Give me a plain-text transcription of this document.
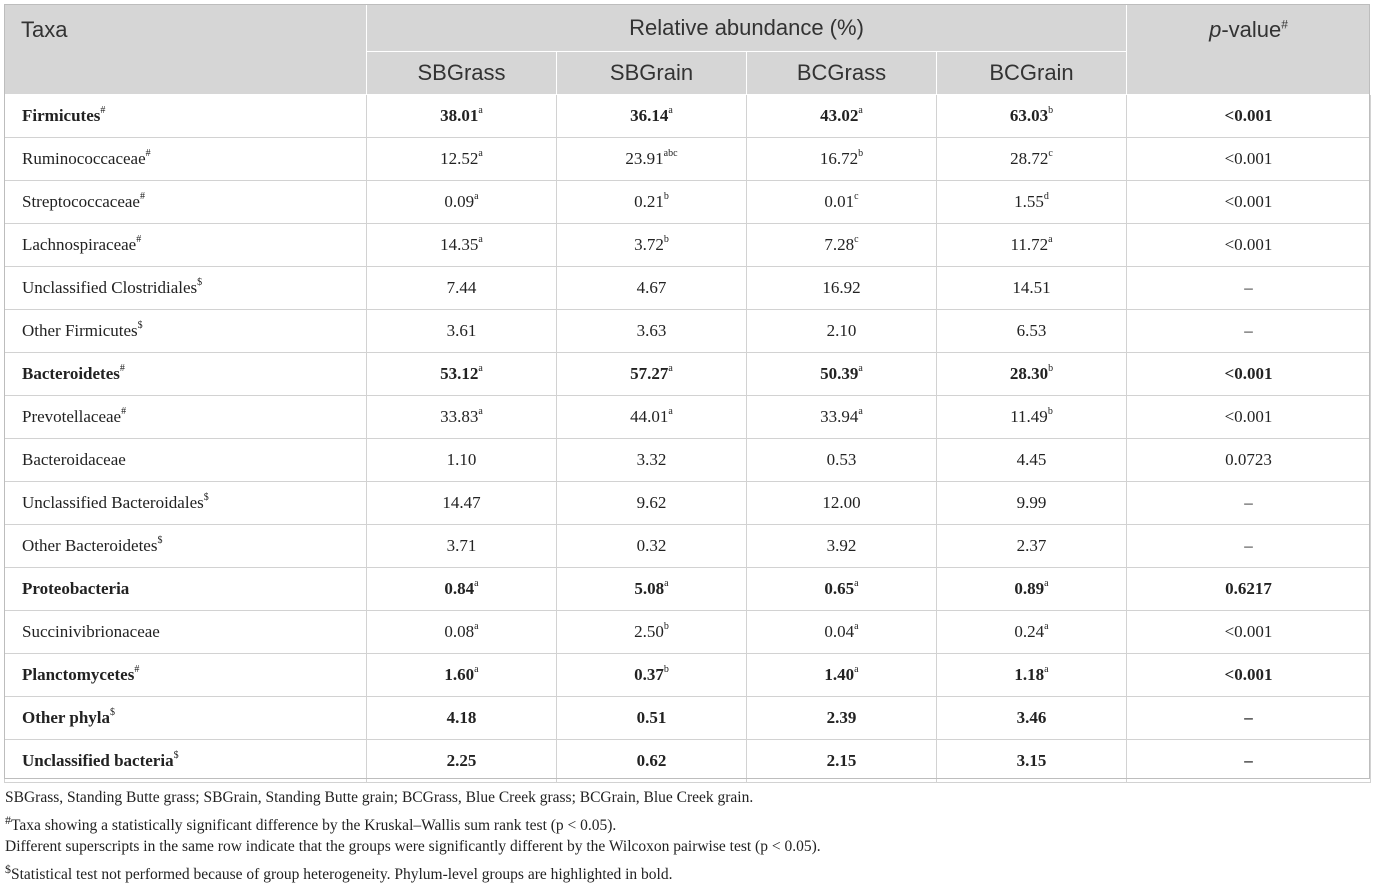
Taxa	Relative abundance (%)				p-value#
	SBGrass	SBGrain	BCGrass	BCGrain	
Firmicutes#	38.01$^a$	36.14$^a$	43.02$^a$	63.03$^b$	<0.001
Ruminococcaceae#	12.52$^a$	23.91$^{abc}$	16.72$^b$	28.72$^c$	<0.001
Streptococcaceae#	0.09$^a$	0.21$^b$	0.01$^c$	1.55$^d$	<0.001
Lachnospiraceae#	14.35$^a$	3.72$^b$	7.28$^c$	11.72$^a$	<0.001
Unclassified Clostridiales$	7.44	4.67	16.92	14.51	–
Other Firmicutes$	3.61	3.63	2.10	6.53	–
Bacteroidetes#	53.12$^a$	57.27$^a$	50.39$^a$	28.30$^b$	<0.001
Prevotellaceae#	33.83$^a$	44.01$^a$	33.94$^a$	11.49$^b$	<0.001
Bacteroidaceae	1.10	3.32	0.53	4.45	0.0723
Unclassified Bacteroidales$	14.47	9.62	12.00	9.99	–
Other Bacteroidetes$	3.71	0.32	3.92	2.37	–
Proteobacteria	0.84$^a$	5.08$^a$	0.65$^a$	0.89$^a$	0.6217
Succinivibrionaceae	0.08$^a$	2.50$^b$	0.04$^a$	0.24$^a$	<0.001
Planctomycetes#	1.60$^a$	0.37$^b$	1.40$^a$	1.18$^a$	<0.001
Other phyla$	4.18	0.51	2.39	3.46	–
Unclassified bacteria$	2.25	0.62	2.15	3.15	–
SBGrass, Standing Butte grass; SBGrain, Standing Butte grain; BCGrass, Blue Creek grass; BCGrain, Blue Creek grain.
#Taxa showing a statistically significant difference by the Kruskal–Wallis sum rank test (p < 0.05).
Different superscripts in the same row indicate that the groups were significantly different by the Wilcoxon pairwise test (p < 0.05).
$Statistical test not performed because of group heterogeneity. Phylum-level groups are highlighted in bold.
